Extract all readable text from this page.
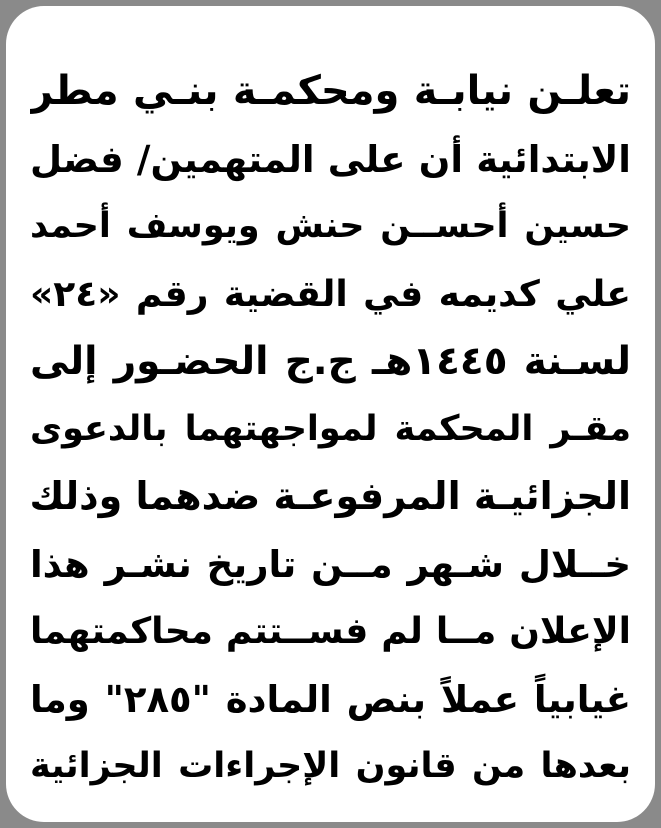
تعلـن نيابـة ومحكمـة بنـي مطر
الابتدائية أن على المتهمين/ فضل
حسين أحســن حنش ويوسف أحمد
علي كديمه في القضية رقم «٢٤»
لسـنة ١٤٤٥هـ ج.ج الحضـور إلى
مقـر المحكمة لمواجهتهما بالدعوى
الجزائيـة المرفوعـة ضدهما وذلك
خــلال شـهر مــن تاريخ نشـر هذا
الإعلان مــا لم فســتتم محاكمتهما
غيابياً عملاً بنص المادة "٢٨٥" وما
بعدها من قانون الإجراءات الجزائية
